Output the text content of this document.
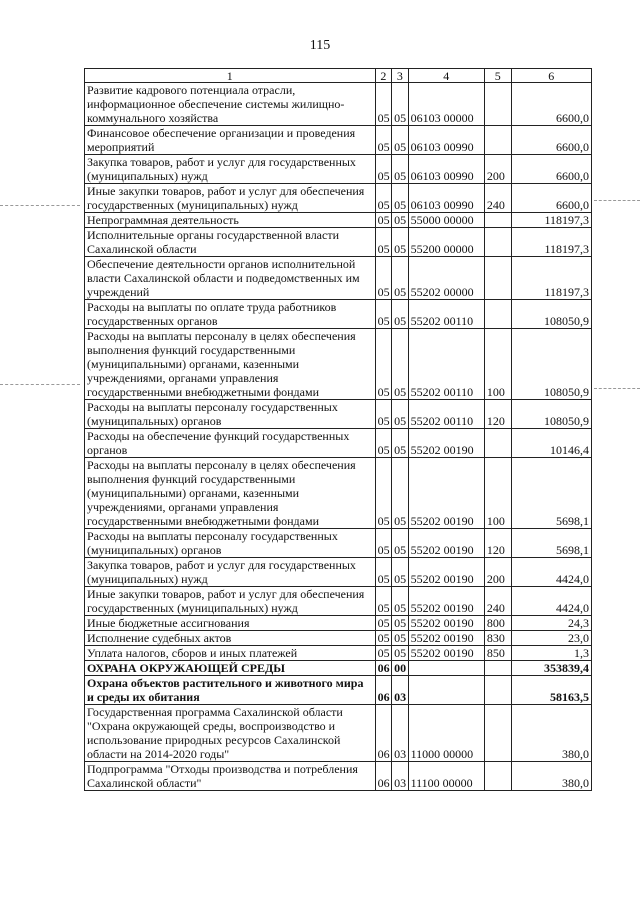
115
1	2	3	4	5	6
Развитие кадрового потенциала отрасли, информационное обеспечение системы жилищно-коммунального хозяйства	05	05	06103 00000		6600,0
Финансовое обеспечение организации и проведения мероприятий	05	05	06103 00990		6600,0
Закупка товаров, работ и услуг для государственных (муниципальных) нужд	05	05	06103 00990	200	6600,0
Иные закупки товаров, работ и услуг для обеспечения государственных (муниципальных) нужд	05	05	06103 00990	240	6600,0
Непрограммная деятельность	05	05	55000 00000		118197,3
Исполнительные органы государственной власти Сахалинской области	05	05	55200 00000		118197,3
Обеспечение деятельности органов исполнительной власти Сахалинской области и подведомственных им учреждений	05	05	55202 00000		118197,3
Расходы на выплаты по оплате труда работников государственных органов	05	05	55202 00110		108050,9
Расходы на выплаты персоналу в целях обеспечения выполнения функций государственными (муниципальными) органами, казенными учреждениями, органами управления государственными внебюджетными фондами	05	05	55202 00110	100	108050,9
Расходы на выплаты персоналу государственных (муниципальных) органов	05	05	55202 00110	120	108050,9
Расходы на обеспечение функций государственных органов	05	05	55202 00190		10146,4
Расходы на выплаты персоналу в целях обеспечения выполнения функций государственными (муниципальными) органами, казенными учреждениями, органами управления государственными внебюджетными фондами	05	05	55202 00190	100	5698,1
Расходы на выплаты персоналу государственных (муниципальных) органов	05	05	55202 00190	120	5698,1
Закупка товаров, работ и услуг для государственных (муниципальных) нужд	05	05	55202 00190	200	4424,0
Иные закупки товаров, работ и услуг для обеспечения государственных (муниципальных) нужд	05	05	55202 00190	240	4424,0
Иные бюджетные ассигнования	05	05	55202 00190	800	24,3
Исполнение судебных актов	05	05	55202 00190	830	23,0
Уплата налогов, сборов и иных платежей	05	05	55202 00190	850	1,3
ОХРАНА ОКРУЖАЮЩЕЙ СРЕДЫ	06	00			353839,4
Охрана объектов растительного и животного мира и среды их обитания	06	03			58163,5
Государственная программа Сахалинской области "Охрана окружающей среды, воспроизводство и использование природных ресурсов Сахалинской области на 2014-2020 годы"	06	03	11000 00000		380,0
Подпрограмма "Отходы производства и потребления Сахалинской области"	06	03	11100 00000		380,0
